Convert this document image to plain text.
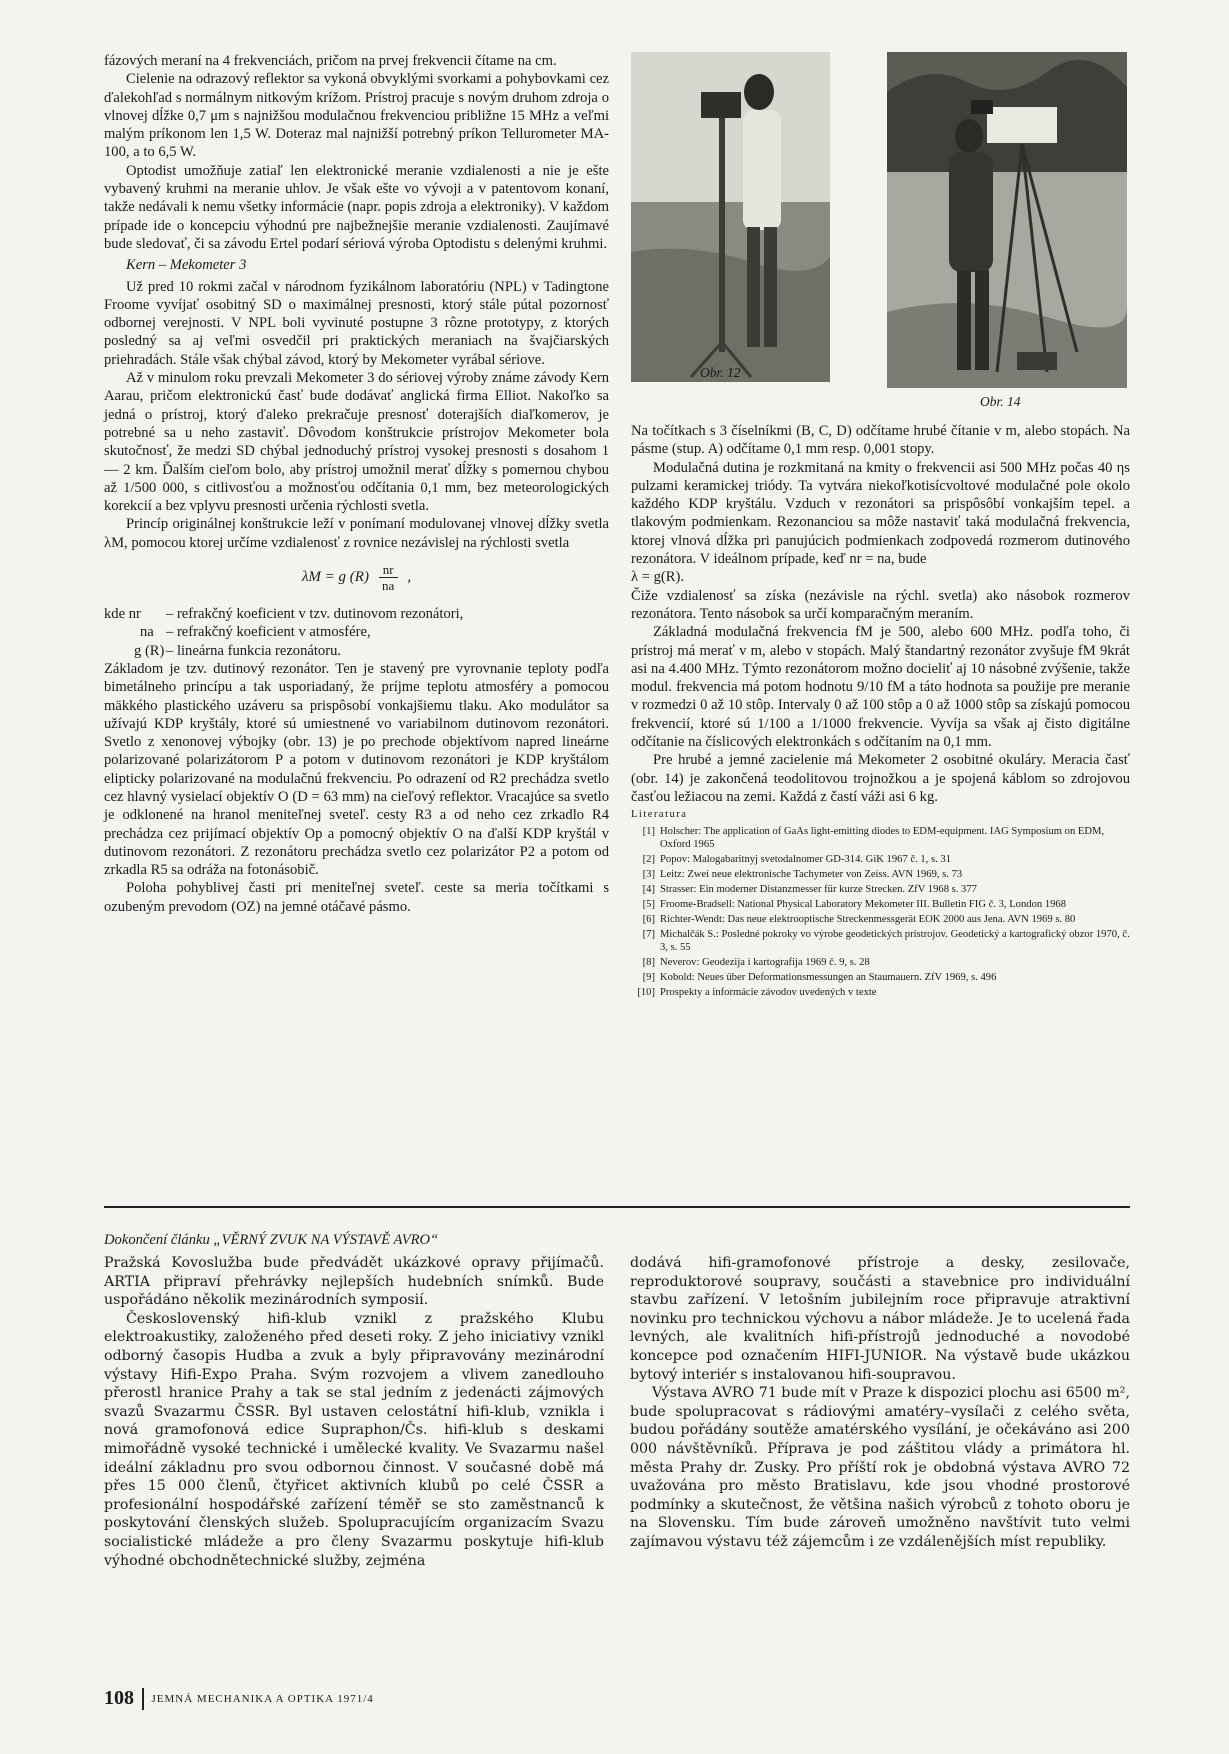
fázových meraní na 4 frekvenciách, pričom na prvej frekvencii čítame na cm.

Cielenie na odrazový reflektor sa vykoná obvyklými svorkami a pohybovkami cez ďalekohľad s normálnym nitkovým krížom. Prístroj pracuje s novým druhom zdroja o vlnovej dĺžke 0,7 μm s najnižšou modulačnou frekvenciou približne 15 MHz a veľmi malým príkonom len 1,5 W. Doteraz mal najnižší potrebný príkon Tellurometer MA-100, a to 6,5 W.

Optodist umožňuje zatiaľ len elektronické meranie vzdialenosti a nie je ešte vybavený kruhmi na meranie uhlov. Je však ešte vo vývoji a v patentovom konaní, takže nedávali k nemu všetky informácie (napr. popis zdroja a elektroniky). V každom prípade ide o koncepciu výhodnú pre najbežnejšie meranie vzdialenosti. Zaujímavé bude sledovať, či sa závodu Ertel podarí sériová výroba Optodistu s delenými kruhmi.

Kern – Mekometer 3

Už pred 10 rokmi začal v národnom fyzikálnom laboratóriu (NPL) v Tadingtone Froome vyvíjať osobitný SD o maximálnej presnosti, ktorý stále pútal pozornosť odbornej verejnosti. V NPL boli vyvinuté postupne 3 rôzne prototypy, z ktorých posledný sa aj veľmi osvedčil pri praktických meraniach na švajčiarských priehradách. Stále však chýbal závod, ktorý by Mekometer vyrábal sériove.

Až v minulom roku prevzali Mekometer 3 do sériovej výroby známe závody Kern Aarau, pričom elektronickú časť bude dodávať anglická firma Elliot. Nakoľko sa jedná o prístroj, ktorý ďaleko prekračuje presnosť doterajších diaľkomerov, je potrebné sa u neho zastaviť. Dôvodom konštrukcie prístrojov Mekometer bola skutočnosť, že medzi SD chýbal jednoduchý prístroj vysokej presnosti s dosahom 1 — 2 km. Ďalším cieľom bolo, aby prístroj umožnil merať dĺžky s pomernou chybou až 1/500 000, s citlivosťou a možnosťou odčítania 0,1 mm, bez meteorologických korekcií a bez vplyvu presnosti určenia rýchlosti svetla.

Princíp originálnej konštrukcie leží v ponímaní modulovanej vlnovej dĺžky svetla λM, pomocou ktorej určíme vzdialenosť z rovnice nezávislej na rýchlosti svetla

λM = g $(R) \frac{nr}{na}$ ,
kde nr	– refrakčný koeficient v tzv. dutinovom rezonátori,
na – refrakčný koeficient v atmosfére,
g (R) – lineárna funkcia rezonátoru.

Základom je tzv. dutinový rezonátor. Ten je stavený pre vyrovnanie teploty podľa bimetálneho princípu a tak usporiadaný, že príjme teplotu atmosféry a pomocou mäkkého plastického uzáveru sa prispôsobí vonkajšiemu tlaku. Ako modulátor sa užívajú KDP kryštály, ktoré sú umiestnené vo variabilnom dutinovom rezonátori. Svetlo z xenonovej výbojky (obr. 13) je po prechode objektívom napred lineárne polarizované polarizátorom P a potom v dutinovom rezonátori je KDP kryštálom elipticky polarizované na modulačnú frekvenciu. Po odrazení od R2 prechádza svetlo cez hlavný vysielací objektív O (D = 63 mm) na cieľový reflektor. Vracajúce sa svetlo je odklonené na hranol meniteľnej sveteľ. cesty R3 a od neho cez zrkadlo R4 prechádza cez prijímací objektív Op a pomocný objektív O na ďalší KDP kryštál v dutinovom rezonátori. Z rezonátoru prechádza svetlo cez polarizátor P2 a potom od zrkadla R5 sa odráža na fotonásobič.

Poloha pohyblivej časti pri meniteľnej sveteľ. ceste sa meria točítkami s ozubeným prevodom (OZ) na jemné otáčavé pásmo.

Obr. 12
Obr. 14

Na točítkach s 3 číselníkmi (B, C, D) odčítame hrubé čítanie v m, alebo stopách. Na pásme (stup. A) odčítame 0,1 mm resp. 0,001 stopy.

Modulačná dutina je rozkmitaná na kmity o frekvencii asi 500 MHz počas 40 ηs pulzami keramickej triódy. Ta vytvára niekoľkotisícvoltové modulačné pole okolo každého KDP kryštálu. Vzduch v rezonátori sa prispôsôbí vonkajším tepel. a tlakovým podmienkam. Rezonanciou sa môže nastaviť taká modulačná frekvencia, ktorej vlnová dĺžka pri panujúcich podmienkach zodpovedá rozmerom dutinového rezonátora. V ideálnom prípade, keď nr = na, bude

λ = g(R).

Čiže vzdialenosť sa získa (nezávisle na rýchl. svetla) ako násobok rozmerov rezonátora. Tento násobok sa určí komparačným meraním.

Základná modulačná frekvencia fM je 500, alebo 600 MHz. podľa toho, či prístroj má merať v m, alebo v stopách. Malý štandartný rezonátor zvyšuje fM 9krát asi na 4.400 MHz. Týmto rezonátorom možno docieliť aj 10 násobné zvýšenie, takže modul. frekvencia má potom hodnotu 9/10 fM a táto hodnota sa použije pre meranie v rozmedzi 0 až 10 stôp. Intervaly 0 až 100 stôp a 0 až 1000 stôp sa získajú pomocou frekvencií, ktoré sú 1/100 a 1/1000 frekvencie. Vyvíja sa však aj čisto digitálne odčítanie na číslicových elektronkách s odčítaním na 0,1 mm.

Pre hrubé a jemné zacielenie má Mekometer 2 osobitné okuláry. Meracia časť (obr. 14) je zakončená teodolitovou trojnožkou a je spojená káblom so zdrojovou časťou ležiacou na zemi. Každá z častí váži asi 6 kg.

Literatura

[1] Holscher: The application of GaAs light-emitting diodes to EDM-equipment. IAG Symposium on EDM, Oxford 1965
[2] Popov: Malogabaritnyj svetodalnomer GD-314. GiK 1967 č. 1, s. 31
[3] Leitz: Zwei neue elektronische Tachymeter von Zeiss. AVN 1969, s. 73
[4] Strasser: Ein moderner Distanzmesser für kurze Strecken. ZfV 1968 s. 377
[5] Froome-Bradsell: National Physical Laboratory Mekometer III. Bulletin FIG č. 3, London 1968
[6] Richter-Wendt: Das neue elektrooptische Streckenmessgerät EOK 2000 aus Jena. AVN 1969 s. 80
[7] Michalčák S.: Posledné pokroky vo výrobe geodetických prístrojov. Geodetický a kartografický obzor 1970, č. 3, s. 55
[8] Neverov: Geodezija i kartografija 1969 č. 9, s. 28
[9] Kobold: Neues über Deformationsmessungen an Staumauern. ZfV 1969, s. 496
[10] Prospekty a informácie závodov uvedených v texte
Dokončení článku „VĚRNÝ ZVUK NA VÝSTAVĚ AVRO“

Pražská Kovoslužba bude předvádět ukázkové opravy přijímačů. ARTIA připraví přehrávky nejlepších hudebních snímků. Bude uspořádáno několik mezinárodních symposií.

Československý hifi-klub vznikl z pražského Klubu elektroakustiky, založeného před deseti roky. Z jeho iniciativy vznikl odborný časopis Hudba a zvuk a byly připravovány mezinárodní výstavy Hifi-Expo Praha. Svým rozvojem a vlivem zanedlouho přerostl hranice Prahy a tak se stal jedním z jedenácti zájmových svazů Svazarmu ČSSR. Byl ustaven celostátní hifi-klub, vznikla i nová gramofonová edice Supraphon/Čs. hifi-klub s deskami mimořádně vysoké technické i umělecké kvality. Ve Svazarmu našel ideální základnu pro svou odbornou činnost. V současné době má přes 15 000 členů, čtyřicet aktivních klubů po celé ČSSR a profesionální hospodářské zařízení téměř se sto zaměstnanců k poskytování členských služeb. Spolupracujícím organizacím Svazu socialistické mládeže a pro členy Svazarmu poskytuje hifi-klub výhodné obchodnětechnické služby, zejména

dodává hifi-gramofonové přístroje a desky, zesilovače, reproduktorové soupravy, součásti a stavebnice pro individuální stavbu zařízení. V letošním jubilejním roce připravuje atraktivní novinku pro technickou výchovu a nábor mládeže. Je to ucelená řada levných, ale kvalitních hifi-přístrojů jednoduché a novodobé koncepce pod označením HIFI-JUNIOR. Na výstavě bude ukázkou bytový interiér s instalovanou hifi-soupravou.

Výstava AVRO 71 bude mít v Praze k dispozici plochu asi 6500 m², bude spolupracovat s rádiovými amatéry–vysílači z celého světa, budou pořádány soutěže amatérského vysílání, je očekáváno asi 200 000 návštěvníků. Příprava je pod záštitou vlády a primátora hl. města Prahy dr. Zusky. Pro příští rok je obdobná výstava AVRO 72 uvažována pro město Bratislavu, kde jsou vhodné prostorové podmínky a skutečnost, že většina našich výrobců z tohoto oboru je na Slovensku. Tím bude zároveň umožněno navštívit tuto velmi zajímavou výstavu též zájemcům i ze vzdálenějších míst republiky.

108 JEMNÁ MECHANIKA A OPTIKA 1971/4
